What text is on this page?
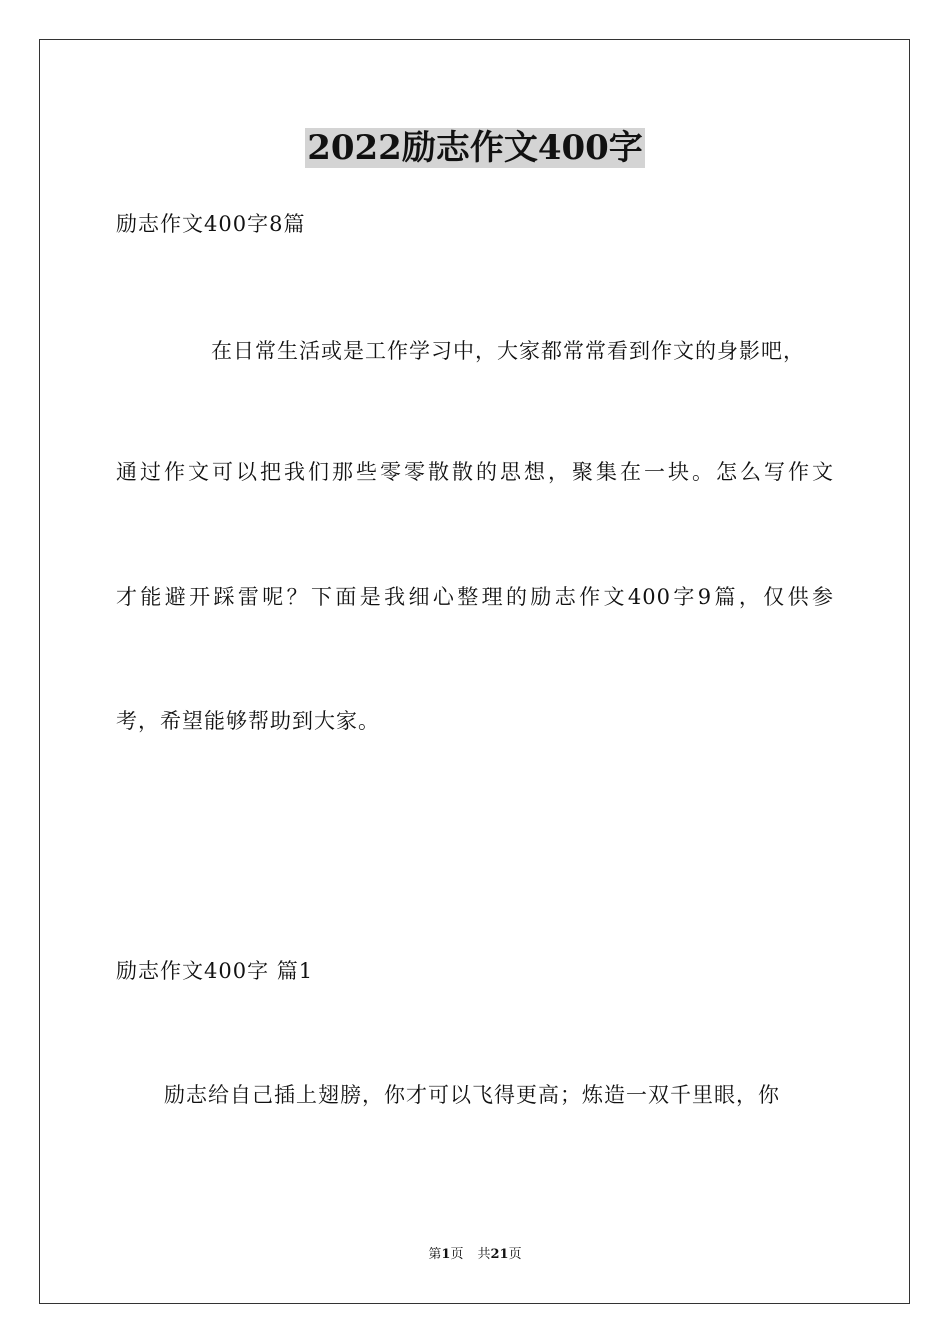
2022励志作文400字
励志作文400字8篇
在日常生活或是工作学习中，大家都常常看到作文的身影吧，
通过作文可以把我们那些零零散散的思想，聚集在一块。怎么写作文
才能避开踩雷呢？下面是我细心整理的励志作文400字9篇，仅供参
考，希望能够帮助到大家。
励志作文400字 篇1
励志给自己插上翅膀，你才可以飞得更高；炼造一双千里眼，你
第1页 共21页
